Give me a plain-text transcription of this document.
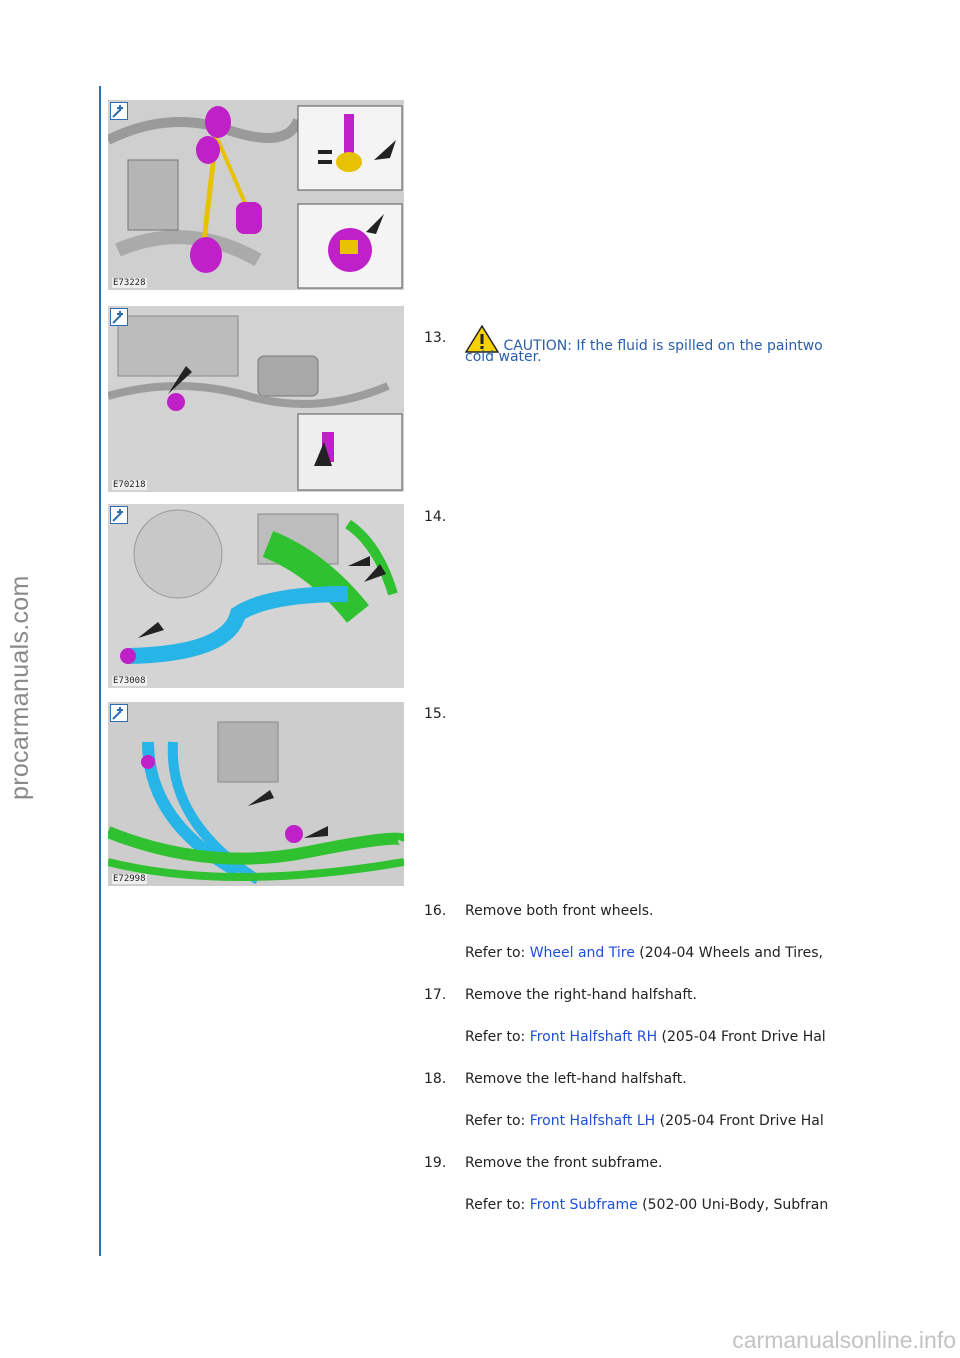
procarmanuals.com
E73228
E70218
E73008
E72998
13.	CAUTION: If the fluid is spilled on the paintwo
cold water.
14.
15.
16.	Remove both front wheels.
Refer to: Wheel and Tire (204-04 Wheels and Tires,
17.	Remove the right-hand halfshaft.
Refer to: Front Halfshaft RH (205-04 Front Drive Hal
18.	Remove the left-hand halfshaft.
Refer to: Front Halfshaft LH (205-04 Front Drive Hal
19.	Remove the front subframe.
Refer to: Front Subframe (502-00 Uni-Body, Subfran
carmanualsonline.info
